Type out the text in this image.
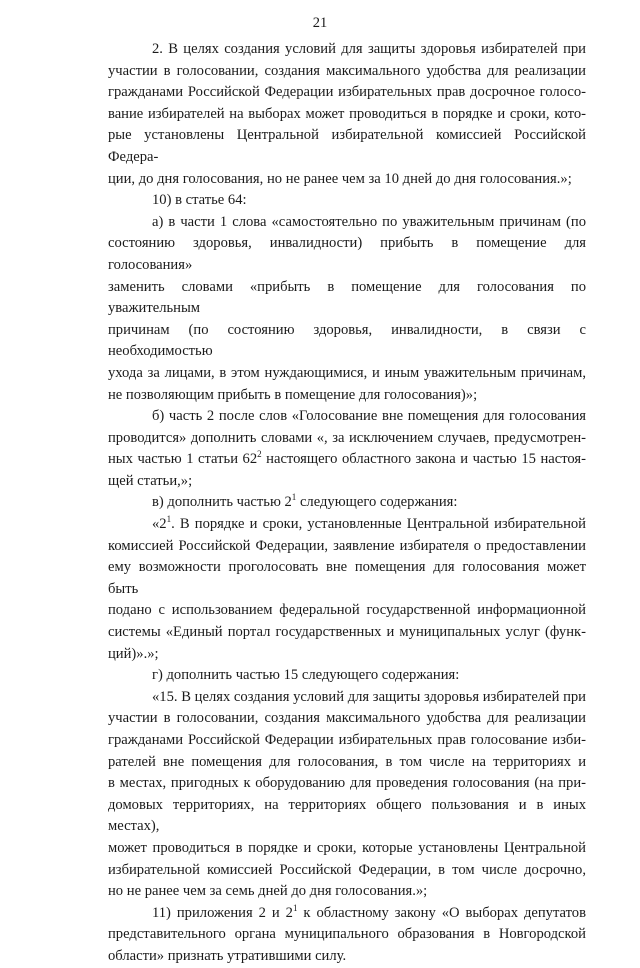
21
2. В целях создания условий для защиты здоровья избирателей при
участии в голосовании, создания максимального удобства для реализации
гражданами Российской Федерации избирательных прав досрочное голосо-
вание избирателей на выборах может проводиться в порядке и сроки, кото-
рые установлены Центральной избирательной комиссией Российской Федера-
ции, до дня голосования, но не ранее чем за 10 дней до дня голосования.»;
10) в статье 64:
а) в части 1 слова «самостоятельно по уважительным причинам (по
состоянию здоровья, инвалидности) прибыть в помещение для голосования»
заменить словами «прибыть в помещение для голосования по уважительным
причинам (по состоянию здоровья, инвалидности, в связи с необходимостью
ухода за лицами, в этом нуждающимися, и иным уважительным причинам,
не позволяющим прибыть в помещение для голосования)»;
б) часть 2 после слов «Голосование вне помещения для голосования
проводится» дополнить словами «, за исключением случаев, предусмотрен-
ных частью 1 статьи $62^2$ настоящего областного закона и частью 15 настоя-
щей статьи,»;
в) дополнить частью $2^1$ следующего содержания:
«$2^1$. В порядке и сроки, установленные Центральной избирательной
комиссией Российской Федерации, заявление избирателя о предоставлении
ему возможности проголосовать вне помещения для голосования может быть
подано с использованием федеральной государственной информационной
системы «Единый портал государственных и муниципальных услуг (функ-
ций)».»;
г) дополнить частью 15 следующего содержания:
«15. В целях создания условий для защиты здоровья избирателей при
участии в голосовании, создания максимального удобства для реализации
гражданами Российской Федерации избирательных прав голосование изби-
рателей вне помещения для голосования, в том числе на территориях и
в местах, пригодных к оборудованию для проведения голосования (на при-
домовых территориях, на территориях общего пользования и в иных местах),
может проводиться в порядке и сроки, которые установлены Центральной
избирательной комиссией Российской Федерации, в том числе досрочно,
но не ранее чем за семь дней до дня голосования.»;
11) приложения 2 и $2^1$ к областному закону «О выборах депутатов
представительного органа муниципального образования в Новгородской
области» признать утратившими силу.
